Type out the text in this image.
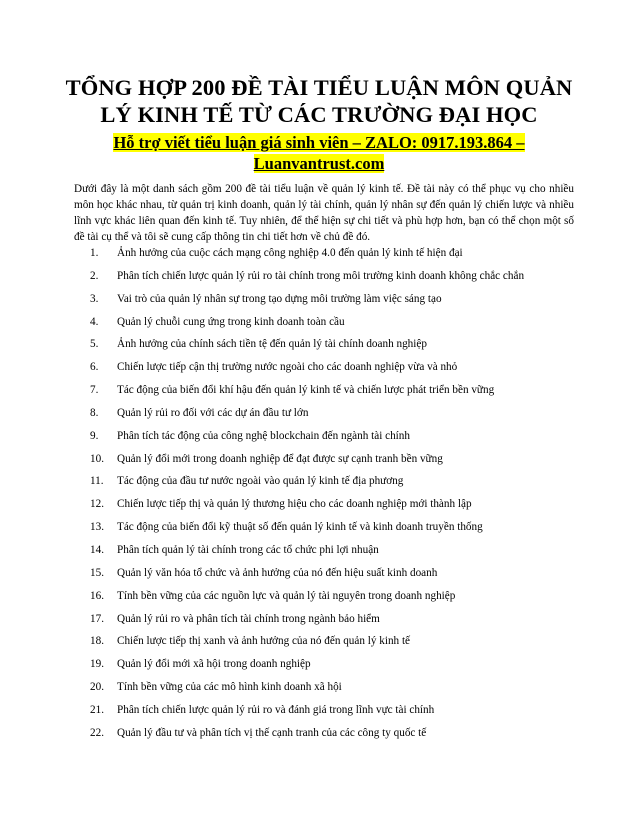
TỔNG HỢP 200 ĐỀ TÀI TIỂU LUẬN MÔN QUẢN
LÝ KINH TẾ TỪ CÁC TRƯỜNG ĐẠI HỌC
Hỗ trợ viết tiểu luận giá sinh viên – ZALO: 0917.193.864 –
Luanvantrust.com
Dưới đây là một danh sách gồm 200 đề tài tiểu luận về quản lý kinh tế. Đề tài này có thể phục vụ cho nhiều môn học khác nhau, từ quản trị kinh doanh, quản lý tài chính, quản lý nhân sự đến quản lý chiến lược và nhiều lĩnh vực khác liên quan đến kinh tế. Tuy nhiên, để thể hiện sự chi tiết và phù hợp hơn, bạn có thể chọn một số đề tài cụ thể và tôi sẽ cung cấp thông tin chi tiết hơn về chủ đề đó.
1.	Ảnh hưởng của cuộc cách mạng công nghiệp 4.0 đến quản lý kinh tế hiện đại
2.	Phân tích chiến lược quản lý rủi ro tài chính trong môi trường kinh doanh không chắc chắn
3.	Vai trò của quản lý nhân sự trong tạo dựng môi trường làm việc sáng tạo
4.	Quản lý chuỗi cung ứng trong kinh doanh toàn cầu
5.	Ảnh hưởng của chính sách tiền tệ đến quản lý tài chính doanh nghiệp
6.	Chiến lược tiếp cận thị trường nước ngoài cho các doanh nghiệp vừa và nhỏ
7.	Tác động của biến đổi khí hậu đến quản lý kinh tế và chiến lược phát triển bền vững
8.	Quản lý rủi ro đối với các dự án đầu tư lớn
9.	Phân tích tác động của công nghệ blockchain đến ngành tài chính
10.	Quản lý đổi mới trong doanh nghiệp để đạt được sự cạnh tranh bền vững
11.	Tác động của đầu tư nước ngoài vào quản lý kinh tế địa phương
12.	Chiến lược tiếp thị và quản lý thương hiệu cho các doanh nghiệp mới thành lập
13.	Tác động của biến đổi kỹ thuật số đến quản lý kinh tế và kinh doanh truyền thống
14.	Phân tích quản lý tài chính trong các tổ chức phi lợi nhuận
15.	Quản lý văn hóa tổ chức và ảnh hưởng của nó đến hiệu suất kinh doanh
16.	Tính bền vững của các nguồn lực và quản lý tài nguyên trong doanh nghiệp
17.	Quản lý rủi ro và phân tích tài chính trong ngành bảo hiểm
18.	Chiến lược tiếp thị xanh và ảnh hưởng của nó đến quản lý kinh tế
19.	Quản lý đổi mới xã hội trong doanh nghiệp
20.	Tính bền vững của các mô hình kinh doanh xã hội
21.	Phân tích chiến lược quản lý rủi ro và đánh giá trong lĩnh vực tài chính
22.	Quản lý đầu tư và phân tích vị thế cạnh tranh của các công ty quốc tế
